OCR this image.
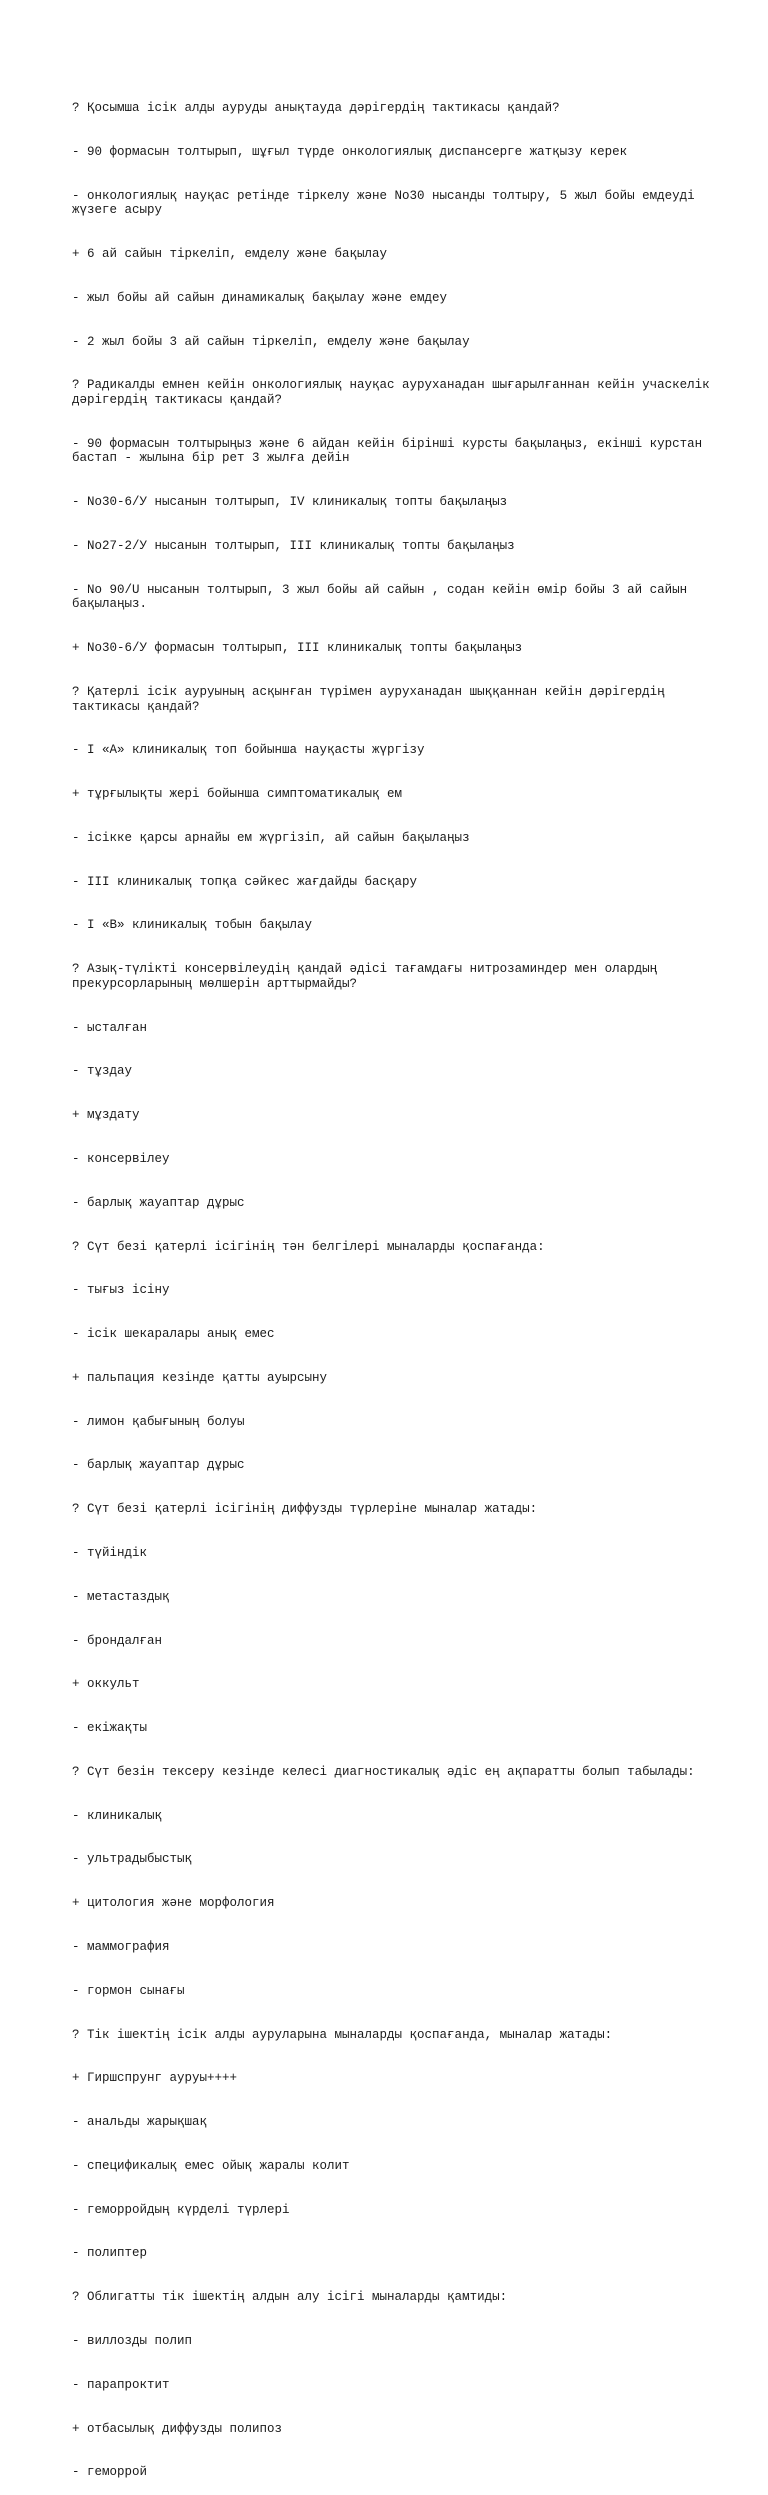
? Қосымша ісік алды ауруды анықтауда дәрігердің тактикасы қандай?

- 90 формасын толтырып, шұғыл түрде онкологиялық диспансерге жатқызу керек

- онкологиялық науқас ретінде тіркелу және No30 нысанды толтыру, 5 жыл бойы емдеуді жүзеге асыру

+ 6 ай сайын тіркеліп, емделу және бақылау

- жыл бойы ай сайын динамикалық бақылау және емдеу

- 2 жыл бойы 3 ай сайын тіркеліп, емделу және бақылау

? Радикалды емнен кейін онкологиялық науқас ауруханадан шығарылғаннан кейін учаскелік дәрігердің тактикасы қандай?

- 90 формасын толтырыңыз және 6 айдан кейін бірінші курсты бақылаңыз, екінші курстан бастап - жылына бір рет 3 жылға дейін

- No30-6/У нысанын толтырып, IV клиникалық топты бақылаңыз

- No27-2/У нысанын толтырып, III клиникалық топты бақылаңыз

- No 90/U нысанын толтырып, 3 жыл бойы ай сайын , содан кейін өмір бойы 3 ай сайын бақылаңыз.

+ No30-6/У формасын толтырып, III клиникалық топты бақылаңыз

? Қатерлі ісік ауруының асқынған түрімен ауруханадан шыққаннан кейін дәрігердің тактикасы қандай?

- I «А» клиникалық топ бойынша науқасты жүргізу

+ тұрғылықты жері бойынша симптоматикалық ем

- ісікке қарсы арнайы ем жүргізіп, ай сайын бақылаңыз

- III клиникалық топқа сәйкес жағдайды басқару

- I «В» клиникалық тобын бақылау

? Азық-түлікті консервілеудің қандай әдісі тағамдағы нитрозаминдер мен олардың прекурсорларының мөлшерін арттырмайды?

- ысталған

- тұздау

+ мұздату

- консервілеу

- барлық жауаптар дұрыс

? Сүт безі қатерлі ісігінің тән белгілері мыналарды қоспағанда:

- тығыз ісіну

- ісік шекаралары анық емес

+ пальпация кезінде қатты ауырсыну

- лимон қабығының болуы

- барлық жауаптар дұрыс

? Сүт безі қатерлі ісігінің диффузды түрлеріне мыналар жатады:

- түйіндік

- метастаздық

- брондалған

+ оккульт

- екіжақты

? Сүт безін тексеру кезінде келесі диагностикалық әдіс ең ақпаратты болып табылады:

- клиникалық

- ультрадыбыстық

+ цитология және морфология

- маммография

- гормон сынағы

? Тік ішектің ісік алды ауруларына мыналарды қоспағанда, мыналар жатады:

+ Гиршспрунг ауруы++++

- анальды жарықшақ

- спецификалық емес ойық жаралы колит

- геморройдың күрделі түрлері

- полиптер

? Облигатты тік ішектің алдын алу ісігі мыналарды қамтиды:

- виллозды полип

- парапроктит

+ отбасылық диффузды полипоз

- геморрой
